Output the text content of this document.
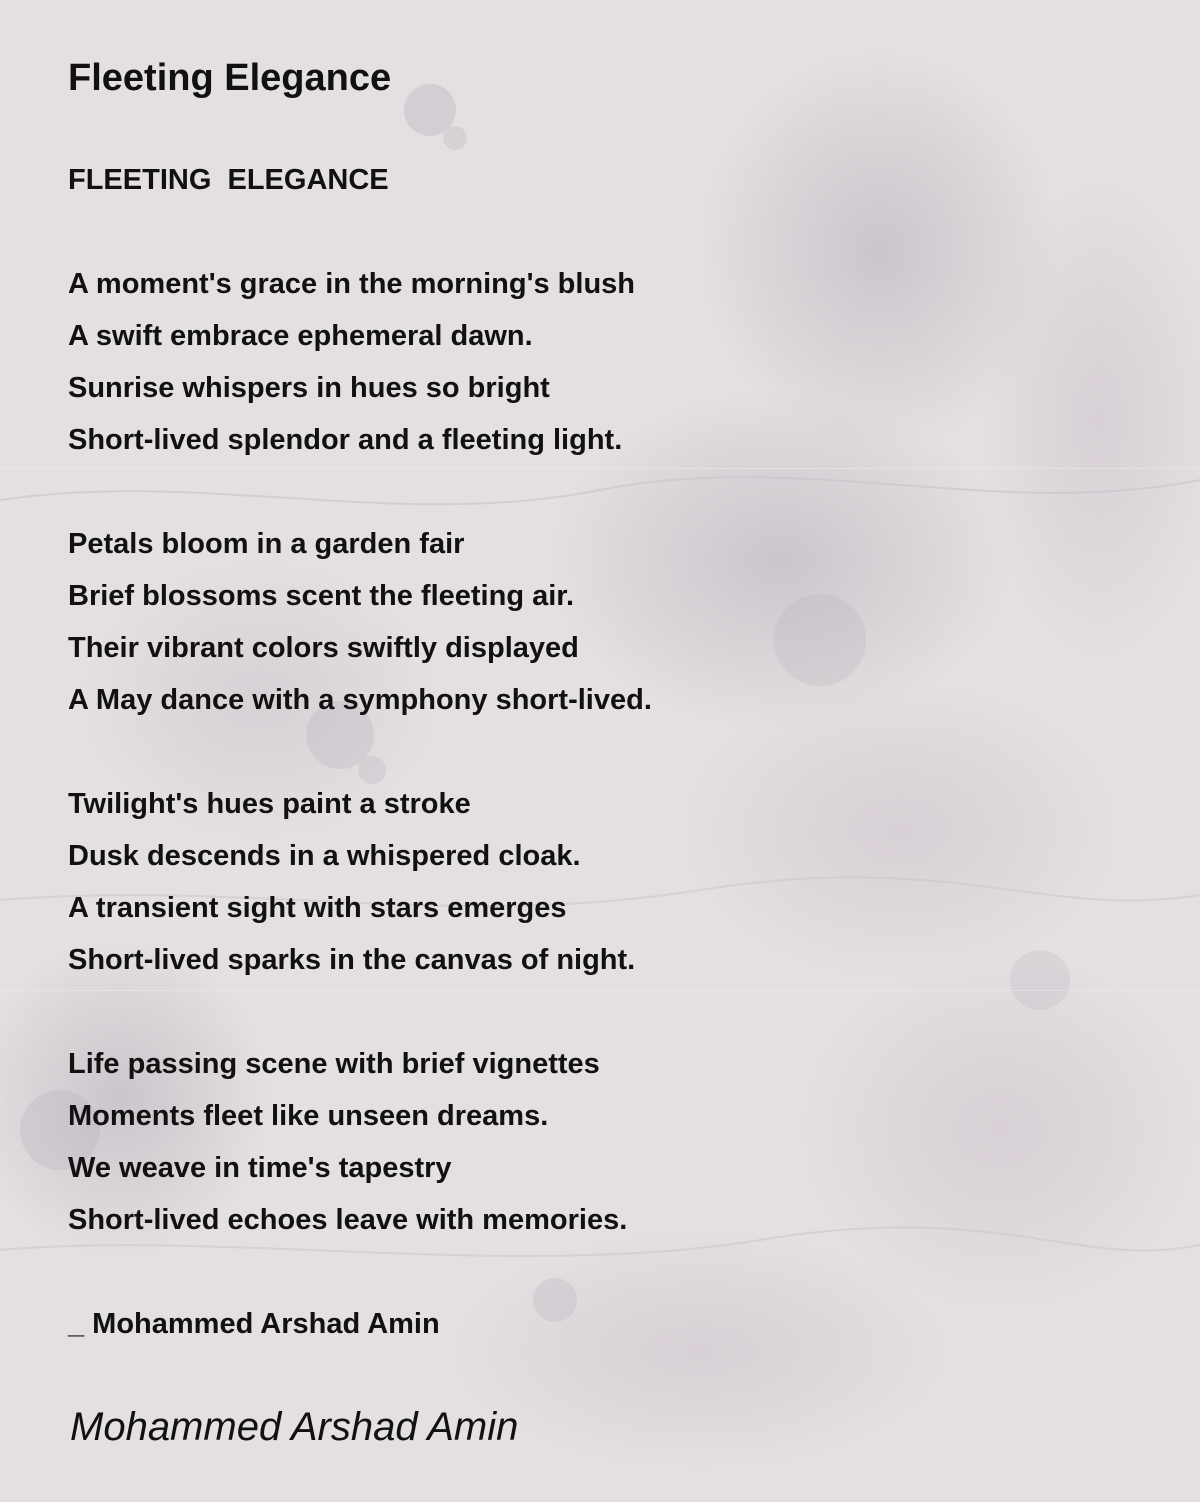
Fleeting Elegance
FLEETING  ELEGANCE
A moment's grace in the morning's blush
A swift embrace ephemeral dawn.
Sunrise whispers in hues so bright
Short-lived splendor and a fleeting light.
Petals bloom in a garden fair
Brief blossoms scent the fleeting air.
Their vibrant colors swiftly displayed
A May dance with a symphony short-lived.
Twilight's hues paint a stroke
Dusk descends in a whispered cloak.
A transient sight with stars emerges
Short-lived sparks in the canvas of night.
Life passing scene with brief vignettes
Moments fleet like unseen dreams.
We weave in time's tapestry
Short-lived echoes leave with memories.
_ Mohammed Arshad Amin
Mohammed Arshad Amin
